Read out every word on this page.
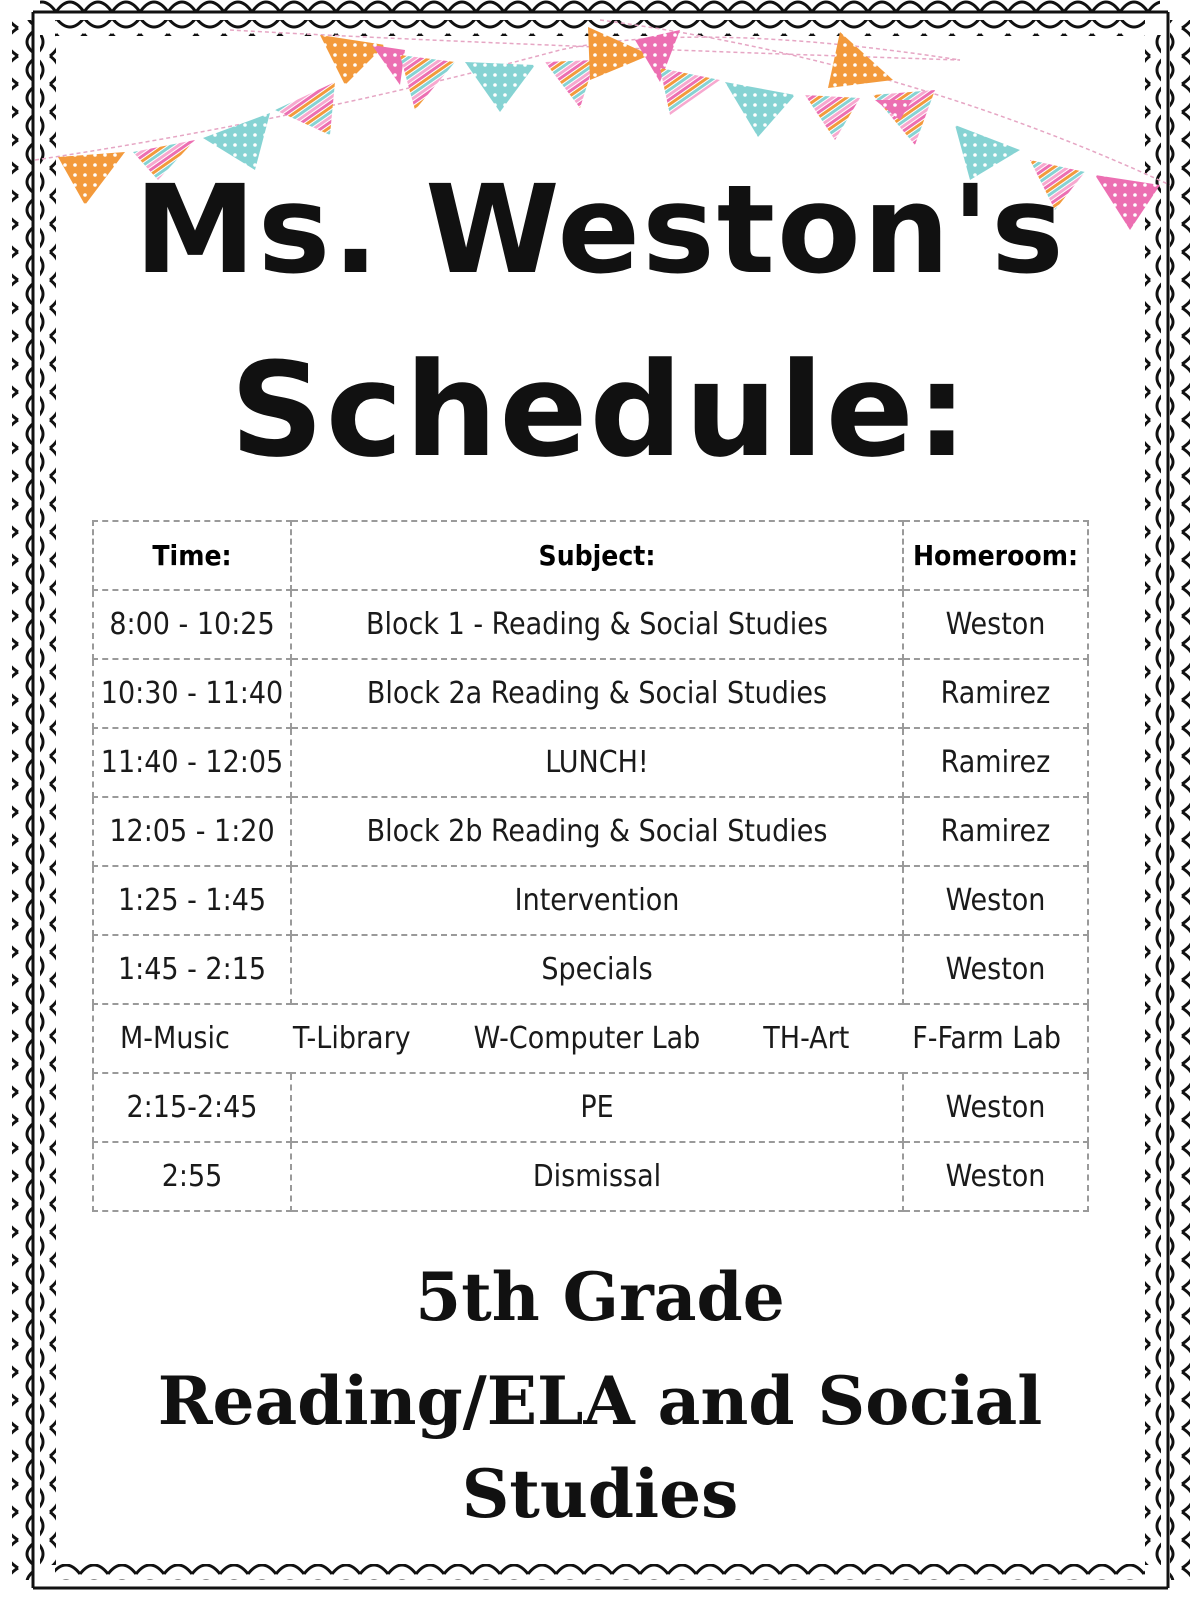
Ms. Weston's
Schedule:
Time:	Subject:	Homeroom:
8:00 - 10:25	Block 1 - Reading & Social Studies	Weston
10:30 - 11:40	Block 2a Reading & Social Studies	Ramirez
11:40 - 12:05	LUNCH!	Ramirez
12:05 - 1:20	Block 2b Reading & Social Studies	Ramirez
1:25 - 1:45	Intervention	Weston
1:45 - 2:15	Specials	Weston

M-Music T-Library W-Computer Lab TH-Art F-Farm Lab		

2:15-2:45	PE	Weston
2:55	Dismissal	Weston
5th Grade
Reading/ELA and Social
Studies
